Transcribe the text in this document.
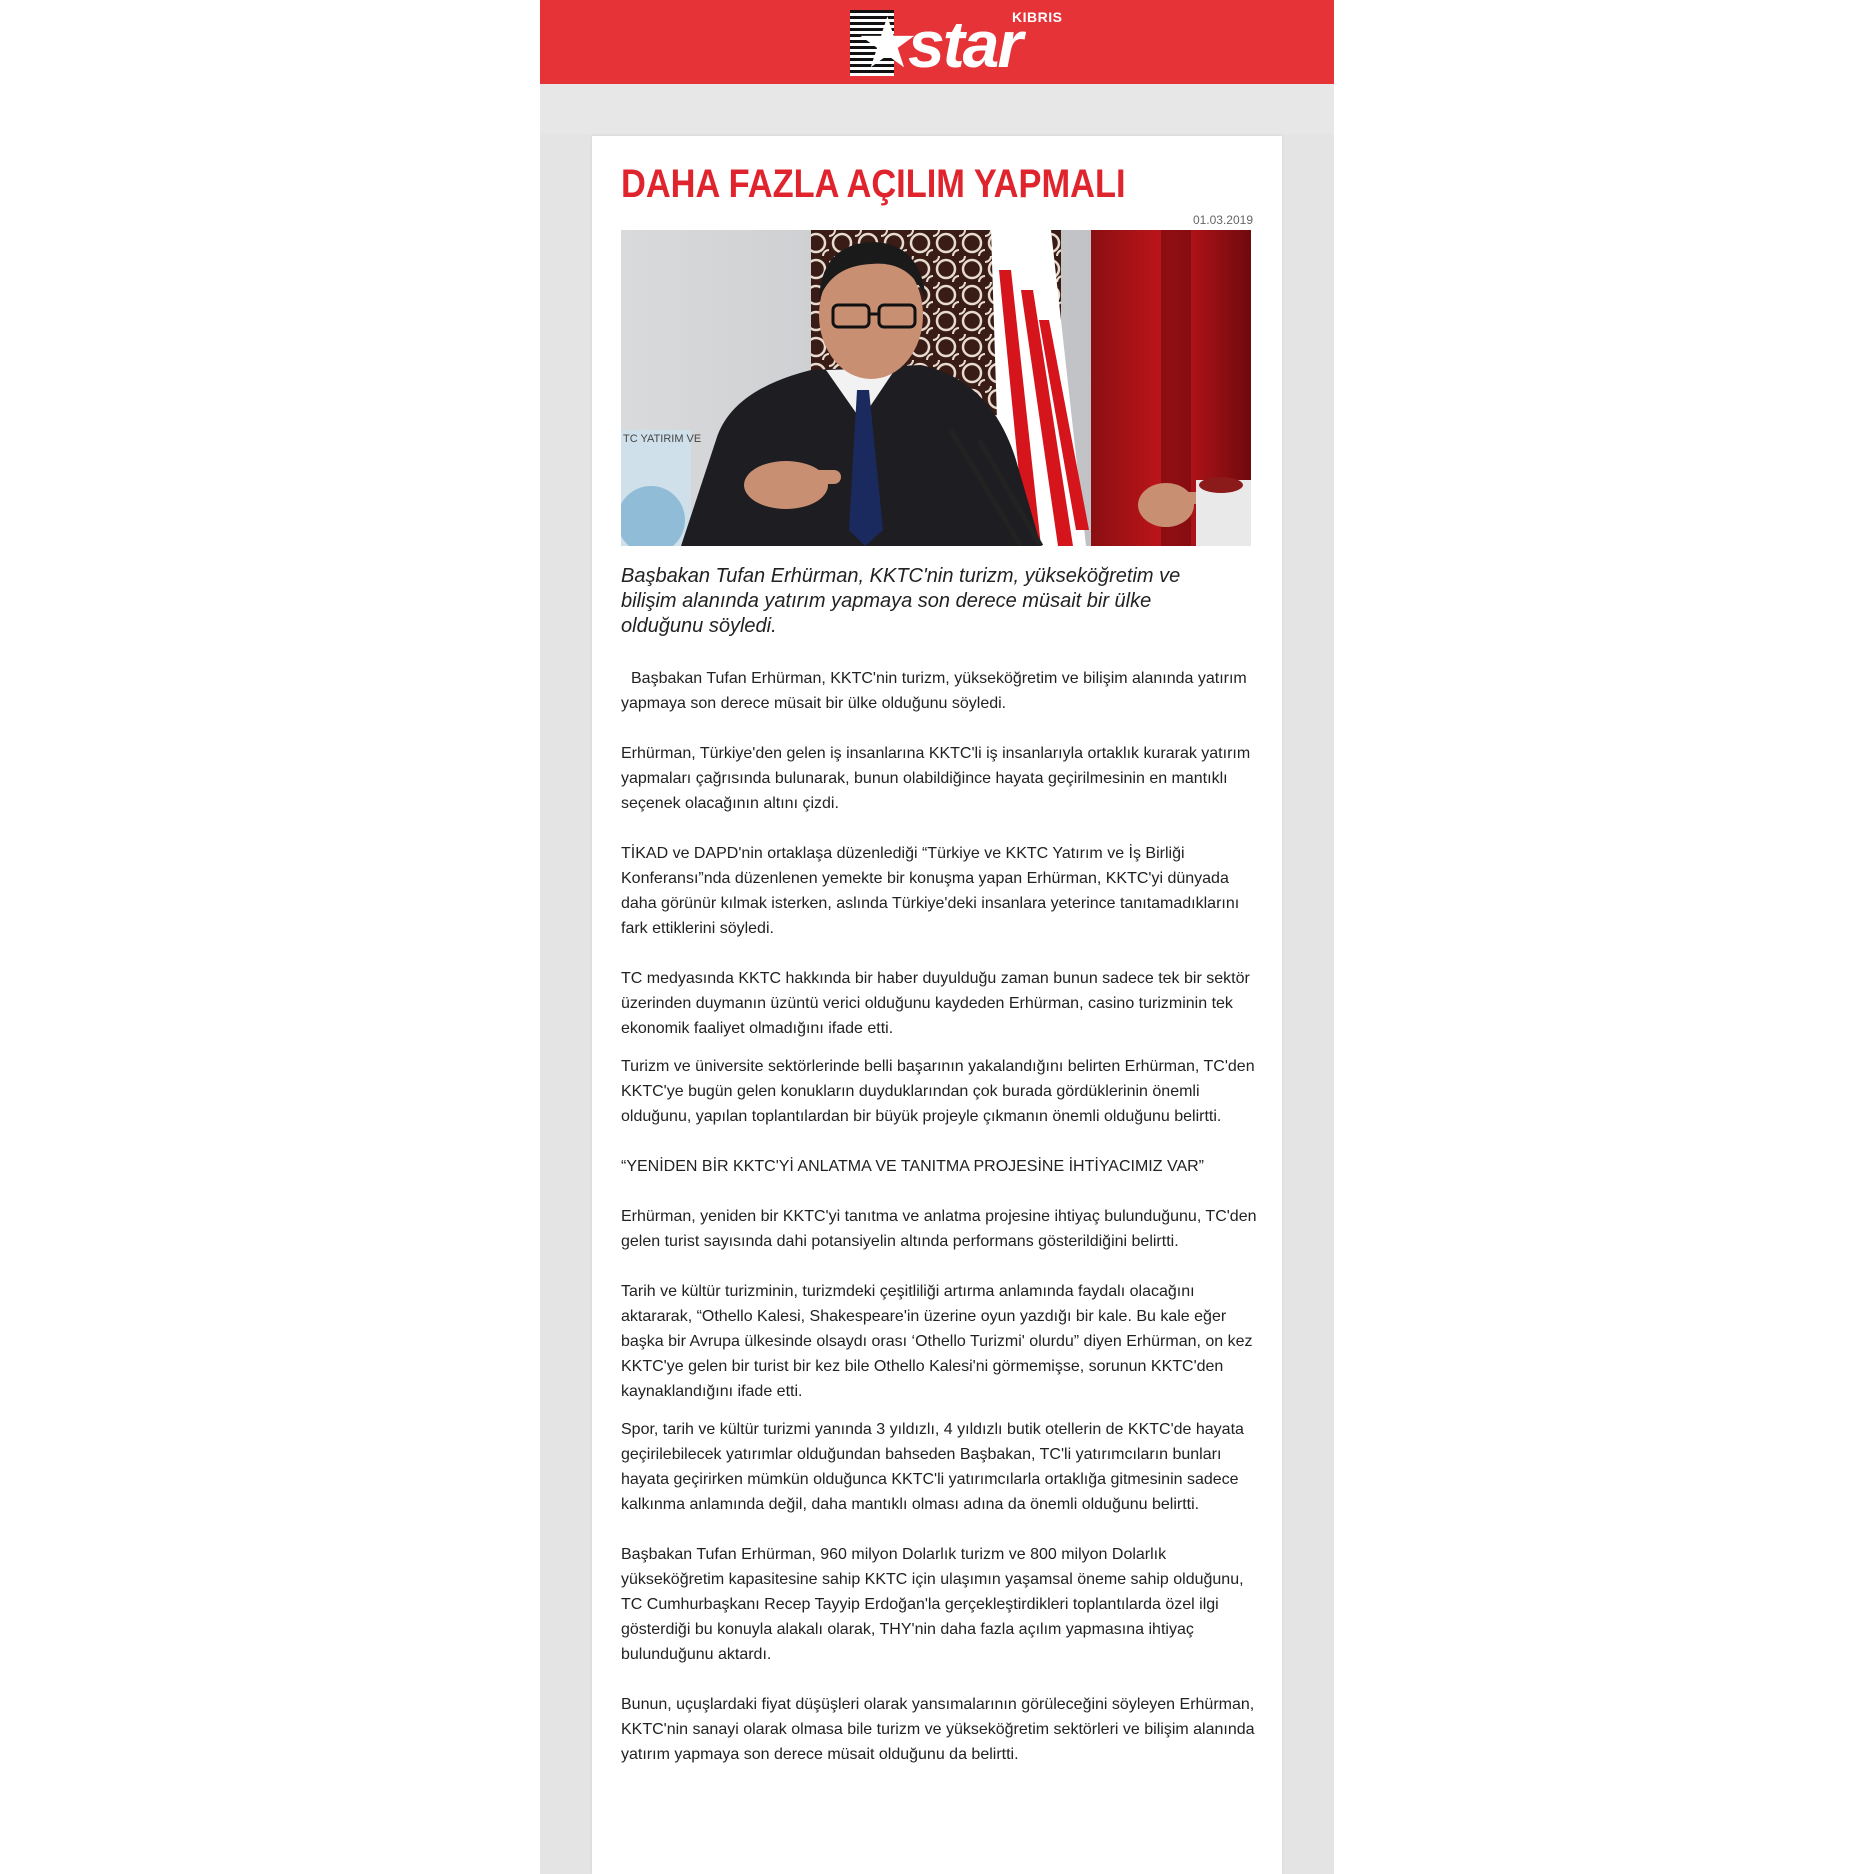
★
star
KIBRIS
DAHA FAZLA AÇILIM YAPMALI
01.03.2019
TC YATIRIM VE

Başbakan Tufan Erhürman, KKTC'nin turizm, yükseköğretim ve bilişim alanında yatırım yapmaya son derece müsait bir ülke olduğunu söyledi.

Başbakan Tufan Erhürman, KKTC'nin turizm, yükseköğretim ve bilişim alanında yatırım yapmaya son derece müsait bir ülke olduğunu söyledi.

Erhürman, Türkiye'den gelen iş insanlarına KKTC'li iş insanlarıyla ortaklık kurarak yatırım yapmaları çağrısında bulunarak, bunun olabildiğince hayata geçirilmesinin en mantıklı seçenek olacağının altını çizdi.

TİKAD ve DAPD'nin ortaklaşa düzenlediği “Türkiye ve KKTC Yatırım ve İş Birliği Konferansı”nda düzenlenen yemekte bir konuşma yapan Erhürman, KKTC'yi dünyada daha görünür kılmak isterken, aslında Türkiye'deki insanlara yeterince tanıtamadıklarını fark ettiklerini söyledi.

TC medyasında KKTC hakkında bir haber duyulduğu zaman bunun sadece tek bir sektör üzerinden duymanın üzüntü verici olduğunu kaydeden Erhürman, casino turizminin tek ekonomik faaliyet olmadığını ifade etti.

Turizm ve üniversite sektörlerinde belli başarının yakalandığını belirten Erhürman, TC'den KKTC'ye bugün gelen konukların duyduklarından çok burada gördüklerinin önemli olduğunu, yapılan toplantılardan bir büyük projeyle çıkmanın önemli olduğunu belirtti.

“YENİDEN BİR KKTC'Yİ ANLATMA VE TANITMA PROJESİNE İHTİYACIMIZ VAR”

Erhürman, yeniden bir KKTC'yi tanıtma ve anlatma projesine ihtiyaç bulunduğunu, TC'den gelen turist sayısında dahi potansiyelin altında performans gösterildiğini belirtti.

Tarih ve kültür turizminin, turizmdeki çeşitliliği artırma anlamında faydalı olacağını aktararak, “Othello Kalesi, Shakespeare'in üzerine oyun yazdığı bir kale. Bu kale eğer başka bir Avrupa ülkesinde olsaydı orası ‘Othello Turizmi' olurdu” diyen Erhürman, on kez KKTC'ye gelen bir turist bir kez bile Othello Kalesi'ni görmemişse, sorunun KKTC'den kaynaklandığını ifade etti.

Spor, tarih ve kültür turizmi yanında 3 yıldızlı, 4 yıldızlı butik otellerin de KKTC'de hayata geçirilebilecek yatırımlar olduğundan bahseden Başbakan, TC'li yatırımcıların bunları hayata geçirirken mümkün olduğunca KKTC'li yatırımcılarla ortaklığa gitmesinin sadece kalkınma anlamında değil, daha mantıklı olması adına da önemli olduğunu belirtti.

Başbakan Tufan Erhürman, 960 milyon Dolarlık turizm ve 800 milyon Dolarlık yükseköğretim kapasitesine sahip KKTC için ulaşımın yaşamsal öneme sahip olduğunu, TC Cumhurbaşkanı Recep Tayyip Erdoğan'la gerçekleştirdikleri toplantılarda özel ilgi gösterdiği bu konuyla alakalı olarak, THY'nin daha fazla açılım yapmasına ihtiyaç bulunduğunu aktardı.

Bunun, uçuşlardaki fiyat düşüşleri olarak yansımalarının görüleceğini söyleyen Erhürman, KKTC'nin sanayi olarak olmasa bile turizm ve yükseköğretim sektörleri ve bilişim alanında yatırım yapmaya son derece müsait olduğunu da belirtti.
